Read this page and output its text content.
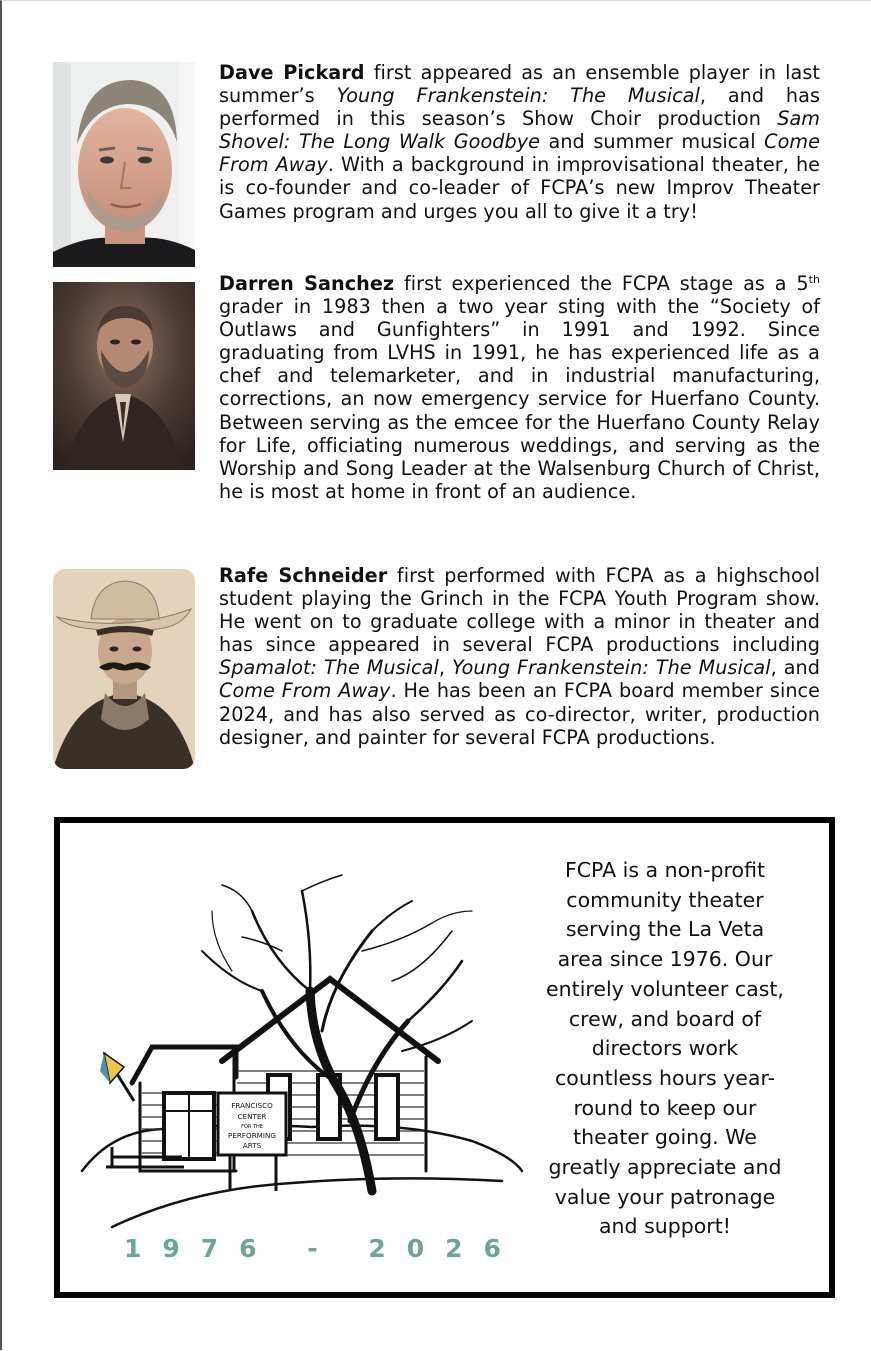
Dave Pickard first appeared as an ensemble player in last summer’s Young Frankenstein: The Musical, and has performed in this season’s Show Choir production Sam Shovel: The Long Walk Goodbye and summer musical Come From Away. With a background in improvisational theater, he is co-founder and co-leader of FCPA’s new Improv Theater Games program and urges you all to give it a try!
Darren Sanchez first experienced the FCPA stage as a 5th grader in 1983 then a two year sting with the “Society of Outlaws and Gunfighters” in 1991 and 1992. Since graduating from LVHS in 1991, he has experienced life as a chef and telemarketer, and in industrial manufacturing, corrections, an now emergency service for Huerfano County. Between serving as the emcee for the Huerfano County Relay for Life, officiating numerous weddings, and serving as the Worship and Song Leader at the Walsenburg Church of Christ, he is most at home in front of an audience.
Rafe Schneider first performed with FCPA as a highschool student playing the Grinch in the FCPA Youth Program show. He went on to graduate college with a minor in theater and has since appeared in several FCPA productions including Spamalot: The Musical, Young Frankenstein: The Musical, and Come From Away. He has been an FCPA board member since 2024, and has also served as co-director, writer, production designer, and painter for several FCPA productions.
FRANCISCO
CENTER
FOR THE
PERFORMING
ARTS
1976 - 2026
FCPA is a non-profit
community theater
serving the La Veta
area since 1976. Our
entirely volunteer cast,
crew, and board of
directors work
countless hours year-
round to keep our
theater going. We
greatly appreciate and
value your patronage
and support!
